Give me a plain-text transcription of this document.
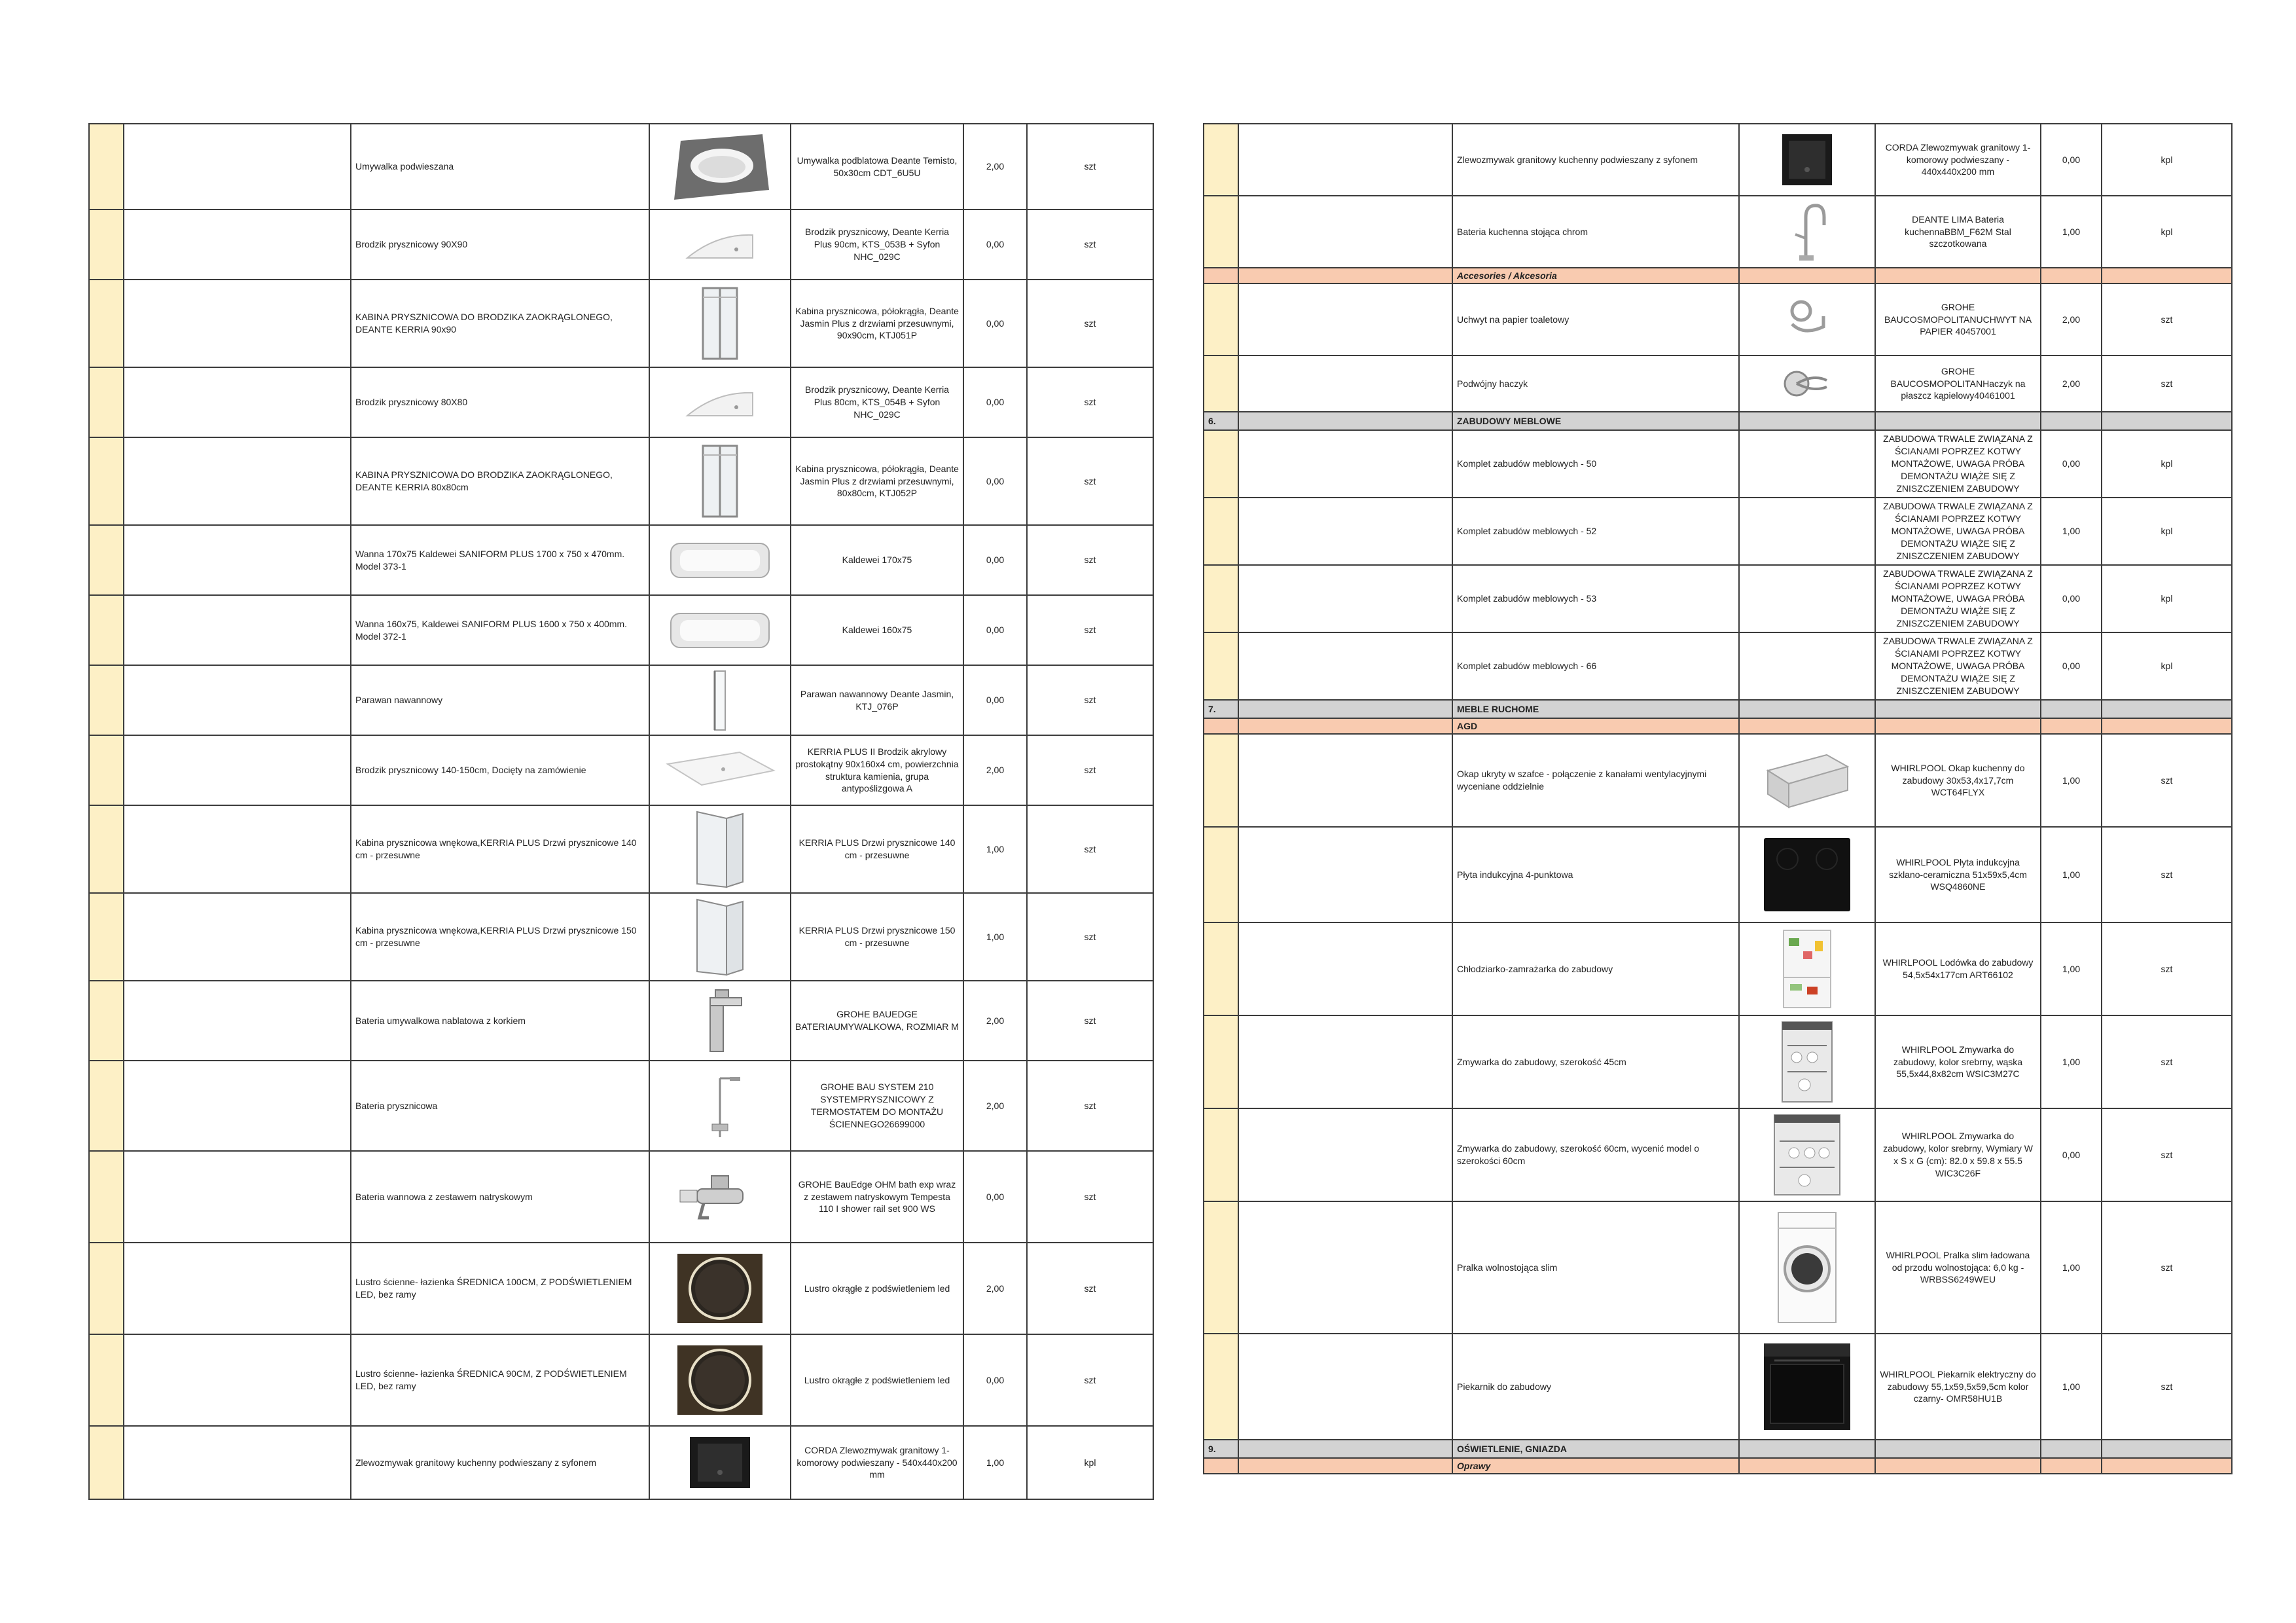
		Umywalka podwieszana		Umywalka podblatowa Deante Temisto, 50x30cm CDT_6U5U	2,00	szt
		Brodzik prysznicowy 90X90		Brodzik prysznicowy, Deante Kerria Plus 90cm, KTS_053B + Syfon NHC_029C	0,00	szt
		KABINA PRYSZNICOWA DO BRODZIKA ZAOKRĄGLONEGO, DEANTE KERRIA 90x90		Kabina prysznicowa, półokrągła, Deante Jasmin Plus z drzwiami przesuwnymi, 90x90cm, KTJ051P	0,00	szt
		Brodzik prysznicowy 80X80		Brodzik prysznicowy, Deante Kerria Plus 80cm, KTS_054B + Syfon NHC_029C	0,00	szt
		KABINA PRYSZNICOWA DO BRODZIKA ZAOKRĄGLONEGO, DEANTE KERRIA 80x80cm		Kabina prysznicowa, półokrągła, Deante Jasmin Plus z drzwiami przesuwnymi, 80x80cm, KTJ052P	0,00	szt
		Wanna 170x75 Kaldewei SANIFORM PLUS 1700 x 750 x 470mm. Model 373-1		Kaldewei 170x75	0,00	szt
		Wanna 160x75, Kaldewei SANIFORM PLUS 1600 x 750 x 400mm. Model 372-1		Kaldewei 160x75	0,00	szt
		Parawan nawannowy		Parawan nawannowy Deante Jasmin, KTJ_076P	0,00	szt
		Brodzik prysznicowy 140-150cm, Docięty na zamówienie		KERRIA PLUS II Brodzik akrylowy prostokątny 90x160x4 cm, powierzchnia struktura kamienia, grupa antypoślizgowa A	2,00	szt
		Kabina prysznicowa wnękowa,KERRIA PLUS Drzwi prysznicowe 140 cm - przesuwne		KERRIA PLUS Drzwi prysznicowe 140 cm - przesuwne	1,00	szt
		Kabina prysznicowa wnękowa,KERRIA PLUS Drzwi prysznicowe 150 cm - przesuwne		KERRIA PLUS Drzwi prysznicowe 150 cm - przesuwne	1,00	szt
		Bateria umywalkowa nablatowa z korkiem		GROHE BAUEDGE BATERIAUMYWALKOWA, ROZMIAR M	2,00	szt
		Bateria prysznicowa		GROHE BAU SYSTEM 210 SYSTEMPRYSZNICOWY Z TERMOSTATEM DO MONTAŻU ŚCIENNEGO26699000	2,00	szt
		Bateria wannowa z zestawem natryskowym		GROHE BauEdge OHM bath exp wraz z zestawem natryskowym Tempesta 110 I shower rail set 900 WS	0,00	szt
		Lustro ścienne- łazienka ŚREDNICA 100CM, Z PODŚWIETLENIEM LED, bez ramy		Lustro okrągłe z podświetleniem led	2,00	szt
		Lustro ścienne- łazienka ŚREDNICA 90CM, Z PODŚWIETLENIEM LED, bez ramy		Lustro okrągłe z podświetleniem led	0,00	szt
		Zlewozmywak granitowy kuchenny podwieszany z syfonem		CORDA Zlewozmywak granitowy 1-komorowy podwieszany - 540x440x200 mm	1,00	kpl
		Zlewozmywak granitowy kuchenny podwieszany z syfonem		CORDA Zlewozmywak granitowy 1-komorowy podwieszany - 440x440x200 mm	0,00	kpl
		Bateria kuchenna stojąca chrom		DEANTE LIMA Bateria kuchennaBBM_F62M Stal szczotkowana	1,00	kpl
		Accesories / Akcesoria				
		Uchwyt na papier toaletowy		GROHE BAUCOSMOPOLITANUCHWYT NA PAPIER 40457001	2,00	szt
		Podwójny haczyk		GROHE BAUCOSMOPOLITANHaczyk na płaszcz kąpielowy40461001	2,00	szt
6.		ZABUDOWY MEBLOWE				
		Komplet zabudów meblowych - 50		ZABUDOWA TRWALE ZWIĄZANA Z ŚCIANAMI POPRZEZ KOTWY MONTAŻOWE, UWAGA PRÓBA DEMONTAŻU WIĄŻE SIĘ Z ZNISZCZENIEM ZABUDOWY	0,00	kpl
		Komplet zabudów meblowych - 52		ZABUDOWA TRWALE ZWIĄZANA Z ŚCIANAMI POPRZEZ KOTWY MONTAŻOWE, UWAGA PRÓBA DEMONTAŻU WIĄŻE SIĘ Z ZNISZCZENIEM ZABUDOWY	1,00	kpl
		Komplet zabudów meblowych - 53		ZABUDOWA TRWALE ZWIĄZANA Z ŚCIANAMI POPRZEZ KOTWY MONTAŻOWE, UWAGA PRÓBA DEMONTAŻU WIĄŻE SIĘ Z ZNISZCZENIEM ZABUDOWY	0,00	kpl
		Komplet zabudów meblowych - 66		ZABUDOWA TRWALE ZWIĄZANA Z ŚCIANAMI POPRZEZ KOTWY MONTAŻOWE, UWAGA PRÓBA DEMONTAŻU WIĄŻE SIĘ Z ZNISZCZENIEM ZABUDOWY	0,00	kpl
7.		MEBLE RUCHOME				
		AGD				
		Okap ukryty w szafce - połączenie z kanałami wentylacyjnymi wyceniane oddzielnie		WHIRLPOOL Okap kuchenny do zabudowy 30x53,4x17,7cm WCT64FLYX	1,00	szt
		Płyta indukcyjna 4-punktowa		WHIRLPOOL Płyta indukcyjna szklano-ceramiczna 51x59x5,4cm WSQ4860NE	1,00	szt
		Chłodziarko-zamrażarka do zabudowy		WHIRLPOOL Lodówka do zabudowy 54,5x54x177cm ART66102	1,00	szt
		Zmywarka do zabudowy, szerokość 45cm		WHIRLPOOL Zmywarka do zabudowy, kolor srebrny, wąska 55,5x44,8x82cm WSIC3M27C	1,00	szt
		Zmywarka do zabudowy, szerokość 60cm, wycenić model o szerokości 60cm		WHIRLPOOL Zmywarka do zabudowy, kolor srebrny, Wymiary W x S x G (cm): 82.0 x 59.8 x 55.5 WIC3C26F	0,00	szt
		Pralka wolnostojąca slim		WHIRLPOOL Pralka slim ładowana od przodu wolnostojąca: 6,0 kg - WRBSS6249WEU	1,00	szt
		Piekarnik do zabudowy		WHIRLPOOL Piekarnik elektryczny do zabudowy 55,1x59,5x59,5cm kolor czarny- OMR58HU1B	1,00	szt
9.		OŚWIETLENIE, GNIAZDA				
		Oprawy				
